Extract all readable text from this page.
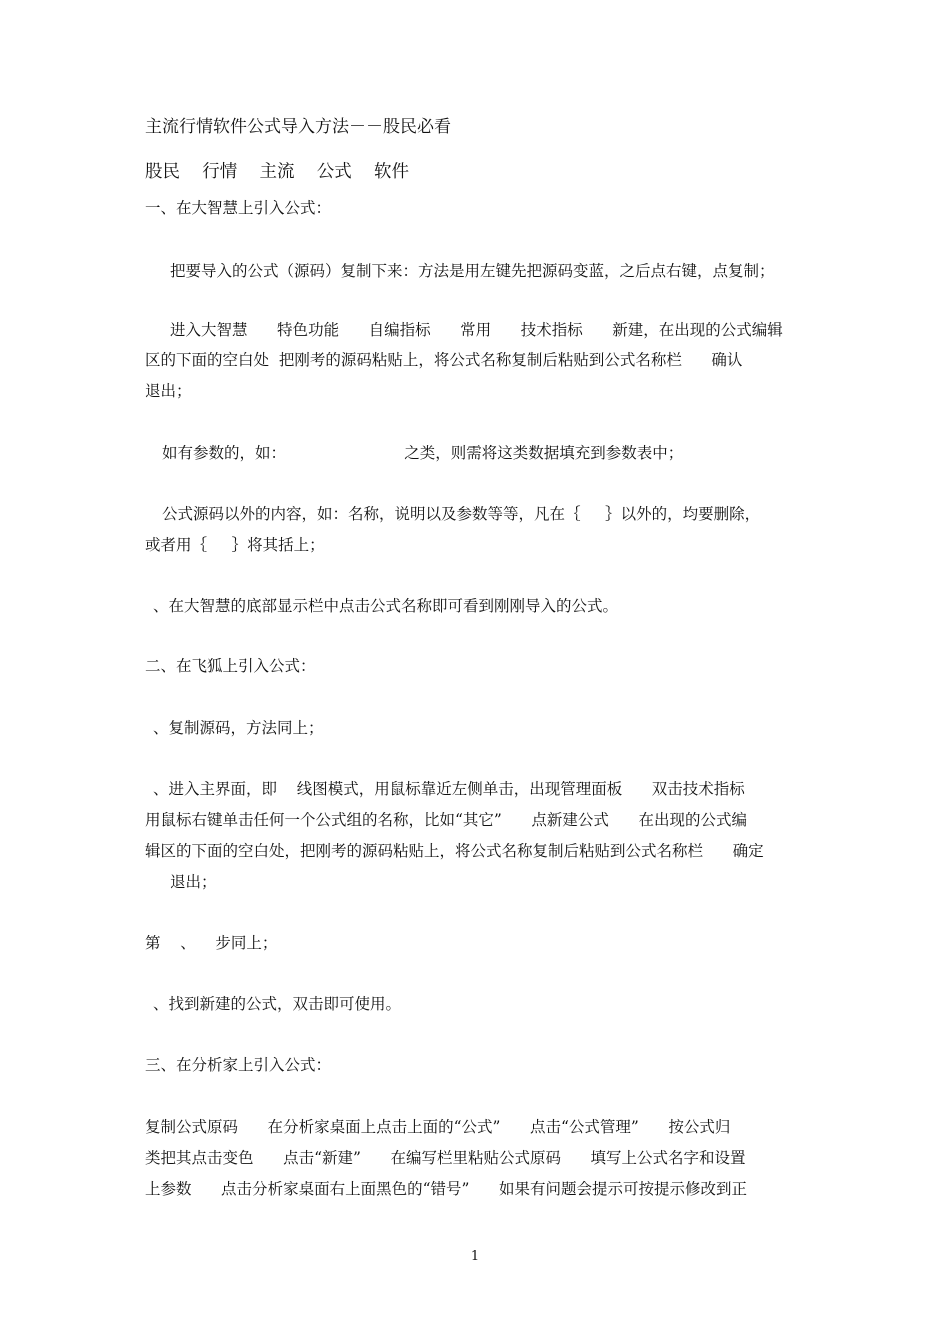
主流行情软件公式导入方法－－股民必看
股民    行情    主流    公式    软件
一、在大智慧上引入公式：
把要导入的公式（源码）复制下来：方法是用左键先把源码变蓝，之后点右键，点复制；
进入大智慧      特色功能      自编指标      常用      技术指标      新建，在出现的公式编辑
区的下面的空白处  把刚考的源码粘贴上，将公式名称复制后粘贴到公式名称栏      确认
退出；
如有参数的，如：                        之类，则需将这类数据填充到参数表中；
公式源码以外的内容，如：名称，说明以及参数等等，凡在｛     ｝以外的，均要删除，
或者用｛     ｝将其括上；
、在大智慧的底部显示栏中点击公式名称即可看到刚刚导入的公式。
二、在飞狐上引入公式：
、复制源码，方法同上；
、进入主界面，即    线图模式，用鼠标靠近左侧单击，出现管理面板      双击技术指标
用鼠标右键单击任何一个公式组的名称，比如“其它”      点新建公式      在出现的公式编
辑区的下面的空白处，把刚考的源码粘贴上，将公式名称复制后粘贴到公式名称栏      确定
退出；
第    、    步同上；
、找到新建的公式，双击即可使用。
三、在分析家上引入公式：
复制公式原码      在分析家桌面上点击上面的“公式”      点击“公式管理”      按公式归
类把其点击变色      点击“新建”      在编写栏里粘贴公式原码      填写上公式名字和设置
上参数      点击分析家桌面右上面黑色的“错号”      如果有问题会提示可按提示修改到正
1
